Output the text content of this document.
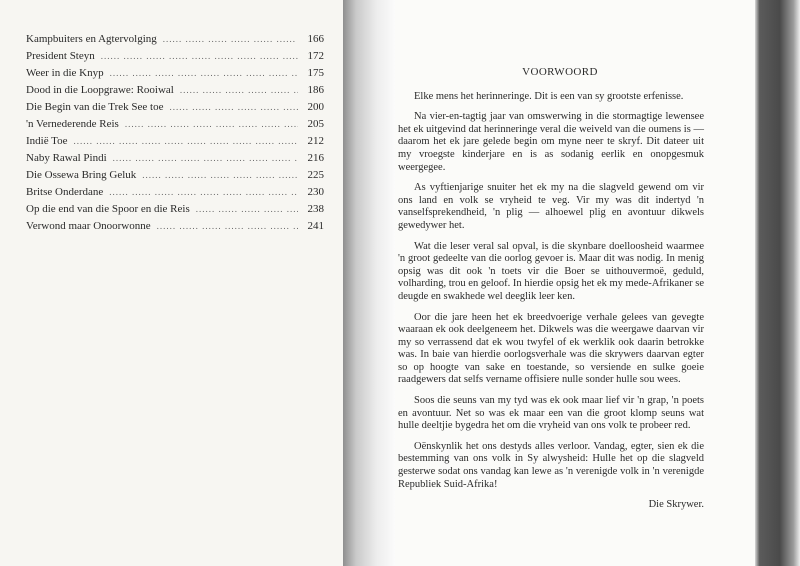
Kampbuiters en Agtervolging .....	166
President Steyn .....	172
Weer in die Knyp .....	175
Dood in die Loopgrawe: Rooiwal .....	186
Die Begin van die Trek See toe .....	200
'n Vernederende Reis .....	205
Indië Toe .....	212
Naby Rawal Pindi .....	216
Die Ossewa Bring Geluk .....	225
Britse Onderdane .....	230
Op die end van die Spoor en die Reis .....	238
Verwond maar Onoorwonne .....	241
VOORWOORD

Elke mens het herinneringe. Dit is een van sy grootste erfenisse.

Na vier-en-tagtig jaar van omswerwing in die stormagtige lewensee het ek uitgevind dat herinneringe veral die weiveld van die oumens is — daarom het ek jare gelede begin om myne neer te skryf. Dit dateer uit my vroegste kinderjare en is as sodanig eerlik en onopgesmuk weergegee.

As vyftienjarige snuiter het ek my na die slagveld gewend om vir ons land en volk se vryheid te veg. Vir my was dit indertyd 'n vanselfsprekendheid, 'n plig — alhoewel plig en avontuur dikwels gewedywer het.

Wat die leser veral sal opval, is die skynbare doelloosheid waarmee 'n groot gedeelte van die oorlog gevoer is. Maar dit was nodig. In menig opsig was dit ook 'n toets vir die Boer se uithouvermoë, geduld, volharding, trou en geloof. In hierdie opsig het ek my mede-Afrikaner se deugde en swakhede wel deeglik leer ken.

Oor die jare heen het ek breedvoerige verhale gelees van gevegte waaraan ek ook deelgeneem het. Dikwels was die weergawe daarvan vir my so verrassend dat ek wou twyfel of ek werklik ook daarin betrokke was. In baie van hierdie oorlogsverhale was die skrywers daarvan egter so op hoogte van sake en toestande, so versiende en sulke goeie raadgewers dat selfs vername offisiere nulle sonder hulle sou wees.

Soos die seuns van my tyd was ek ook maar lief vir 'n grap, 'n poets en avontuur. Net so was ek maar een van die groot klomp seuns wat hulle deeltjie bygedra het om die vryheid van ons volk te probeer red.

Oënskynlik het ons destyds alles verloor. Vandag, egter, sien ek die bestemming van ons volk in Sy alwysheid: Hulle het op die slagveld gesterwe sodat ons vandag kan lewe as 'n verenigde volk in 'n verenigde Republiek Suid-Afrika!

Die Skrywer.
